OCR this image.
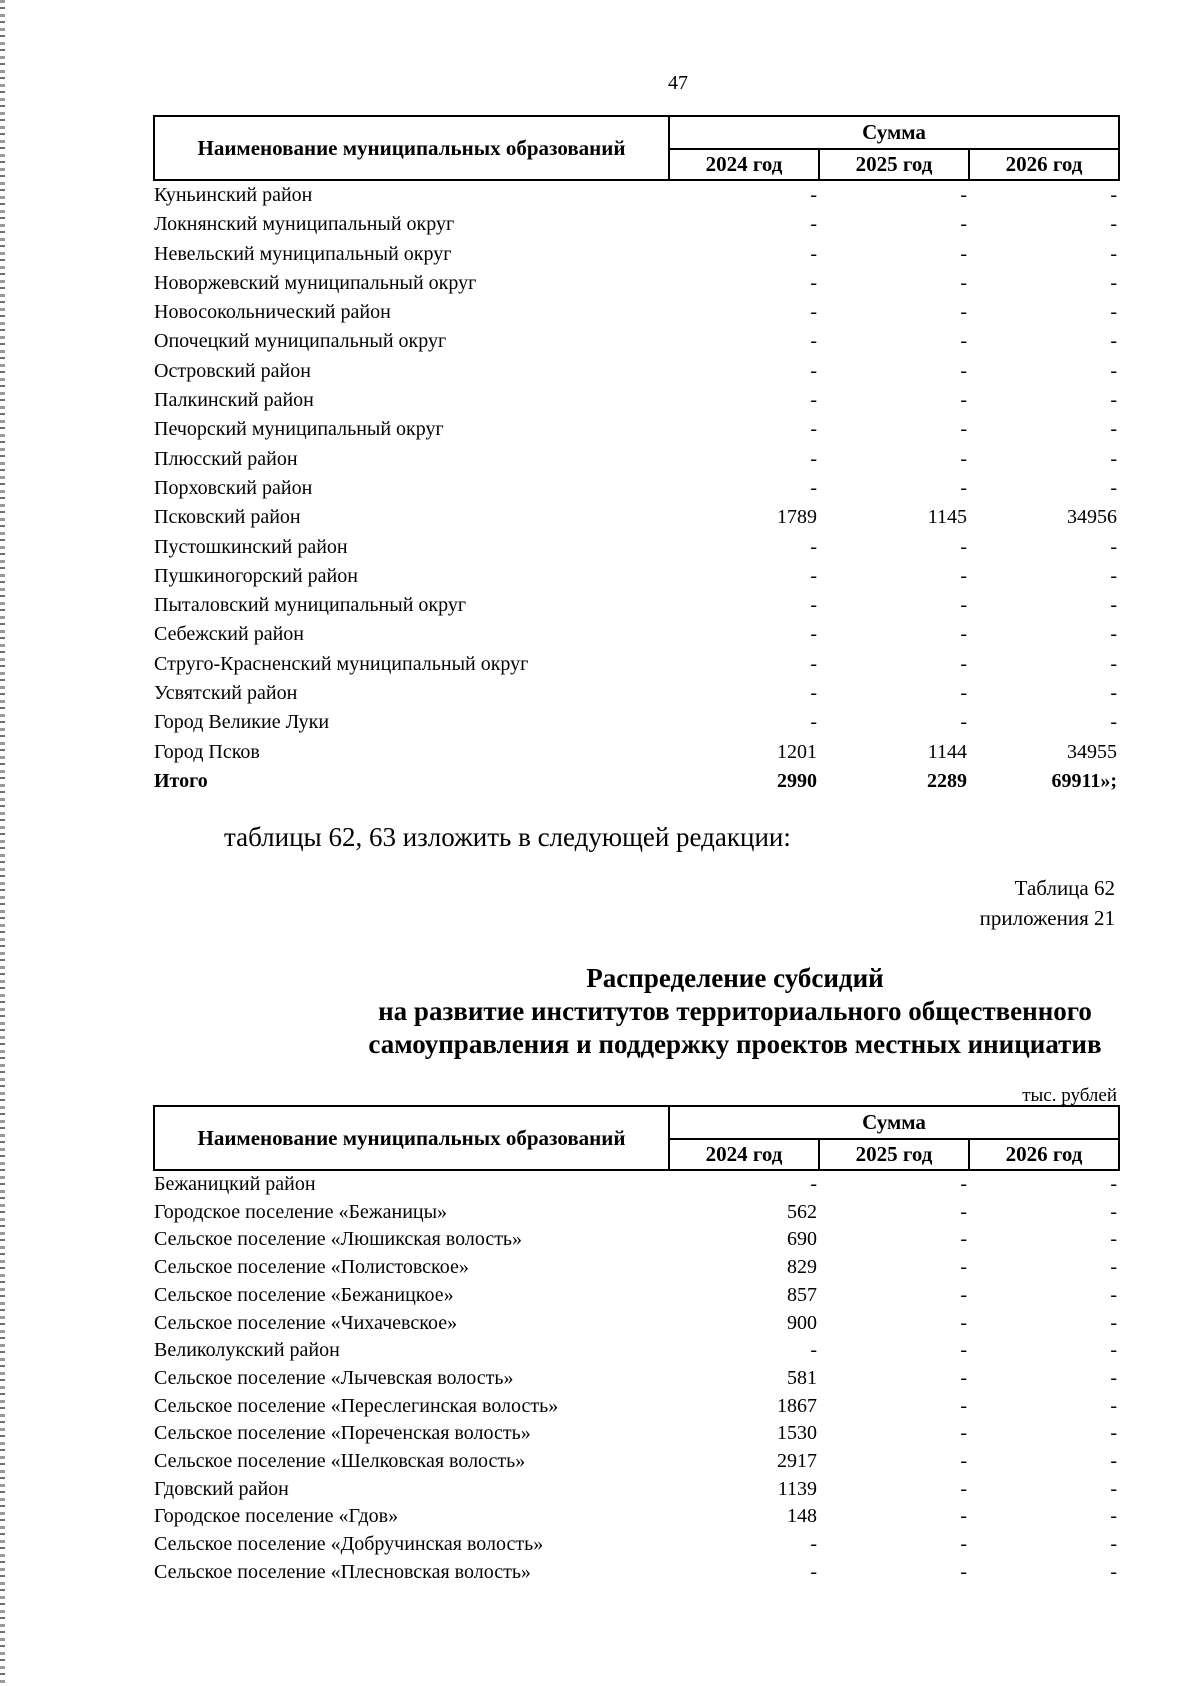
47
Наименование муниципальных образований	Сумма		
	2024 год	2025 год	2026 год
Куньинский район	-	-	-
Локнянский муниципальный округ	-	-	-
Невельский муниципальный округ	-	-	-
Новоржевский муниципальный округ	-	-	-
Новосокольнический район	-	-	-
Опочецкий муниципальный округ	-	-	-
Островский район	-	-	-
Палкинский район	-	-	-
Печорский муниципальный округ	-	-	-
Плюсский район	-	-	-
Порховский район	-	-	-
Псковский район	1789	1145	34956
Пустошкинский район	-	-	-
Пушкиногорский район	-	-	-
Пыталовский муниципальный округ	-	-	-
Себежский район	-	-	-
Струго-Красненский муниципальный округ	-	-	-
Усвятский район	-	-	-
Город Великие Луки	-	-	-
Город Псков	1201	1144	34955
Итого	2990	2289	69911»;
таблицы 62, 63 изложить в следующей редакции:
Таблица 62
приложения 21
Распределение субсидий
на развитие институтов территориального общественного
самоуправления и поддержку проектов местных инициатив
тыс. рублей
Наименование муниципальных образований	Сумма		
	2024 год	2025 год	2026 год
Бежаницкий район	-	-	-
Городское поселение «Бежаницы»	562	-	-
Сельское поселение «Люшикская волость»	690	-	-
Сельское поселение «Полистовское»	829	-	-
Сельское поселение «Бежаницкое»	857	-	-
Сельское поселение «Чихачевское»	900	-	-
Великолукский район	-	-	-
Сельское поселение «Лычевская волость»	581	-	-
Сельское поселение «Переслегинская волость»	1867	-	-
Сельское поселение «Пореченская волость»	1530	-	-
Сельское поселение «Шелковская волость»	2917	-	-
Гдовский район	1139	-	-
Городское поселение «Гдов»	148	-	-
Сельское поселение «Добручинская волость»	-	-	-
Сельское поселение «Плесновская волость»	-	-	-
